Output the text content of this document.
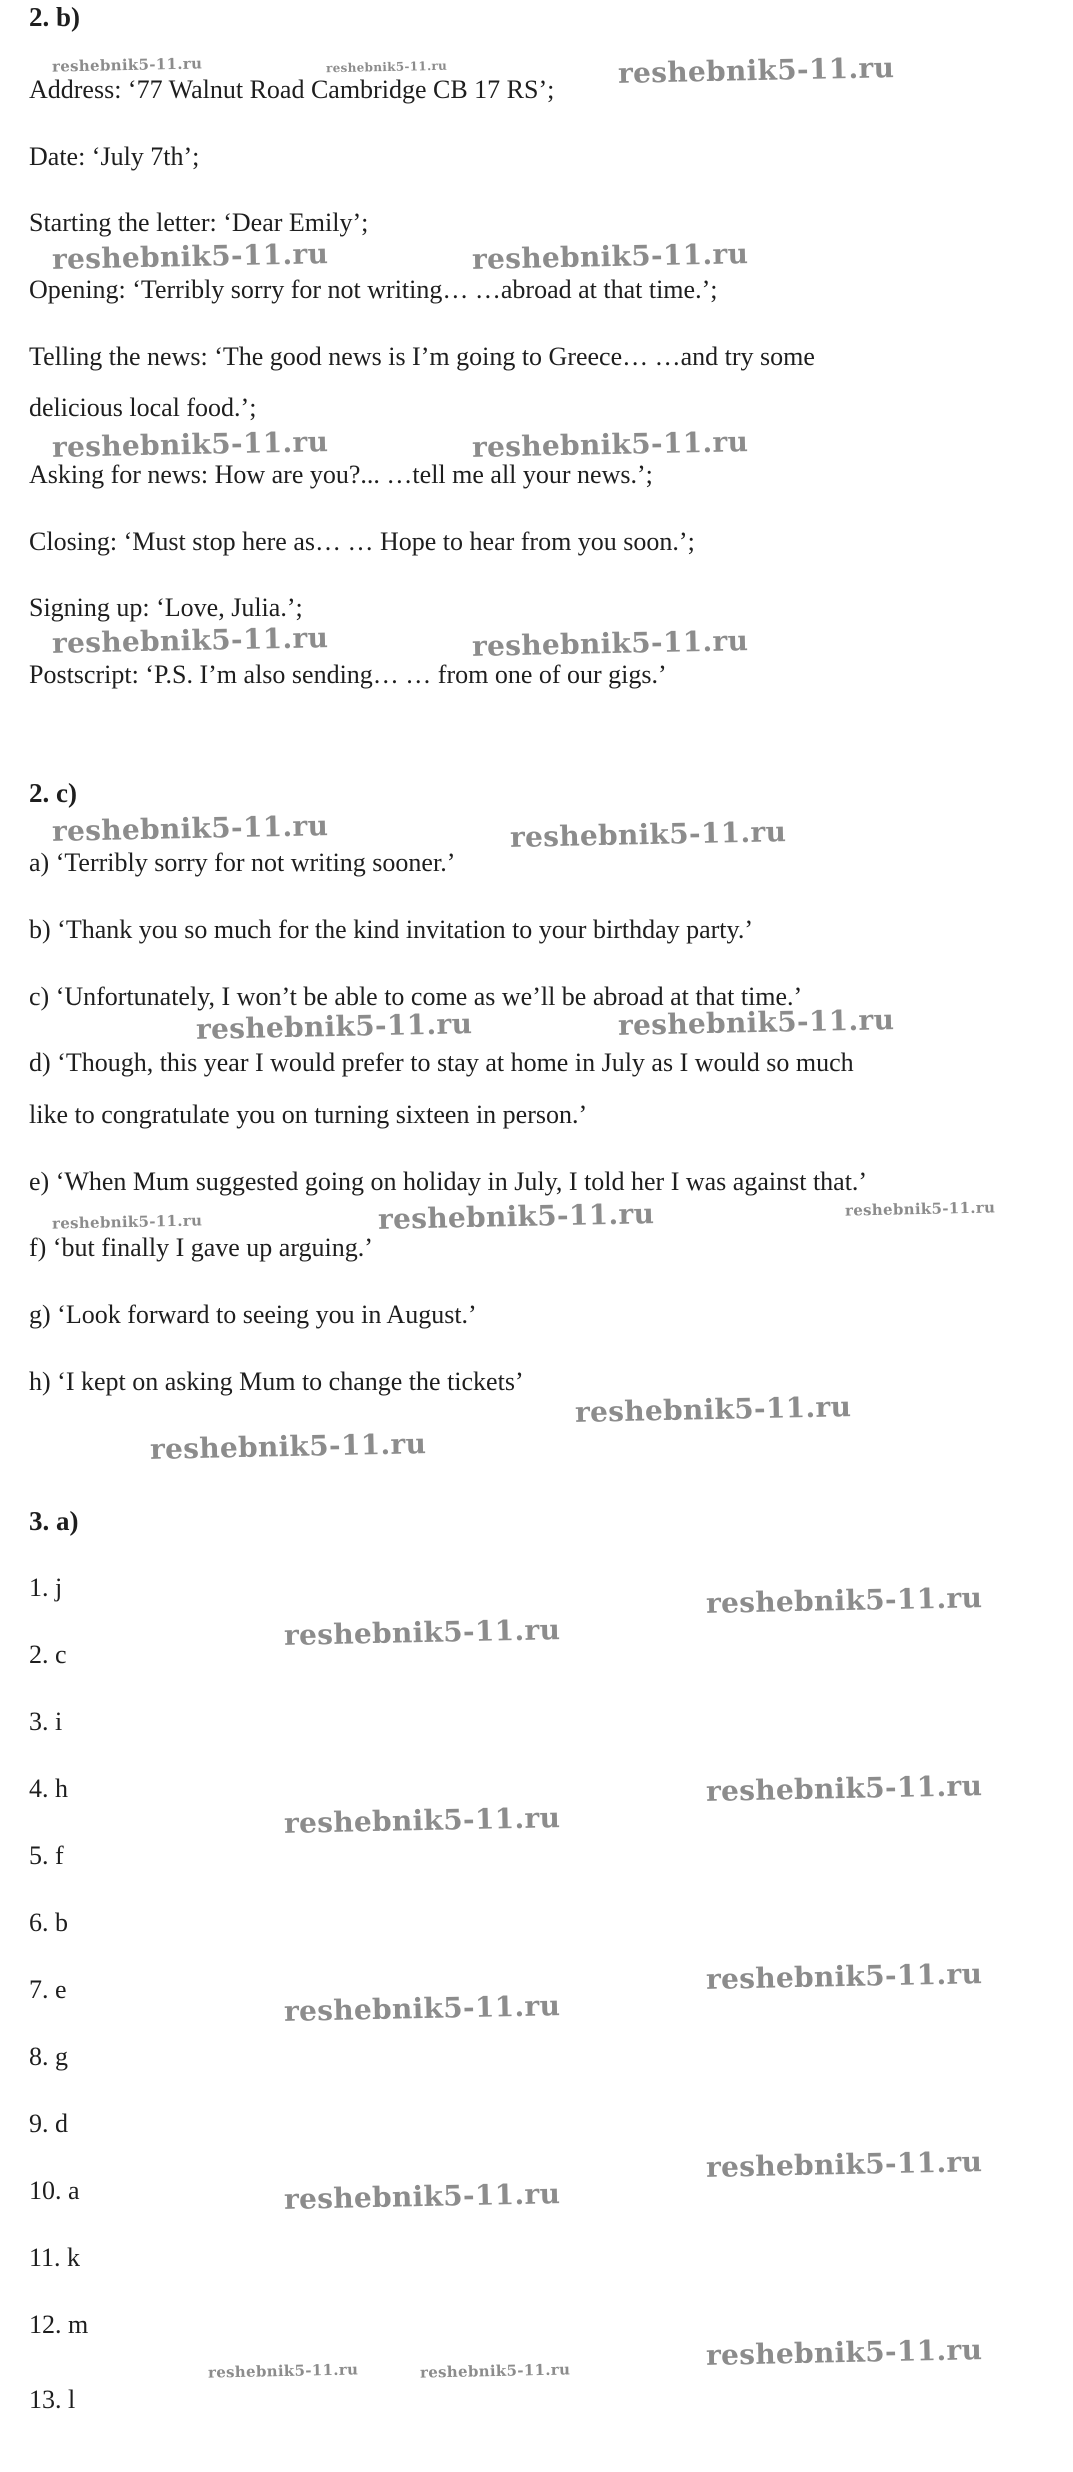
2. b)

Address: ‘77 Walnut Road Cambridge CB 17 RS’;

Date: ‘July 7th’;

Starting the letter: ‘Dear Emily’;

Opening: ‘Terribly sorry for not writing… …abroad at that time.’;

Telling the news: ‘The good news is I’m going to Greece… …and try some

delicious local food.’;

Asking for news: How are you?... …tell me all your news.’;

Closing: ‘Must stop here as… … Hope to hear from you soon.’;

Signing up: ‘Love, Julia.’;

Postscript: ‘P.S. I’m also sending… … from one of our gigs.’

2. c)

a) ‘Terribly sorry for not writing sooner.’

b) ‘Thank you so much for the kind invitation to your birthday party.’

c) ‘Unfortunately, I won’t be able to come as we’ll be abroad at that time.’

d) ‘Though, this year I would prefer to stay at home in July as I would so much

like to congratulate you on turning sixteen in person.’

e) ‘When Mum suggested going on holiday in July, I told her I was against that.’

f) ‘but finally I gave up arguing.’

g) ‘Look forward to seeing you in August.’

h) ‘I kept on asking Mum to change the tickets’

3. a)

1. j

2. c

3. i

4. h

5. f

6. b

7. e

8. g

9. d

10. a

11. k

12. m

13. l

reshebnik5-11.ru	reshebnik5-11.ru	reshebnik5-11.ru
reshebnik5-11.ru	reshebnik5-11.ru
reshebnik5-11.ru	reshebnik5-11.ru
reshebnik5-11.ru	reshebnik5-11.ru
reshebnik5-11.ru	reshebnik5-11.ru
reshebnik5-11.ru	reshebnik5-11.ru
reshebnik5-11.ru	reshebnik5-11.ru	reshebnik5-11.ru
reshebnik5-11.ru
reshebnik5-11.ru
reshebnik5-11.ru
reshebnik5-11.ru
reshebnik5-11.ru
reshebnik5-11.ru
reshebnik5-11.ru
reshebnik5-11.ru
reshebnik5-11.ru
reshebnik5-11.ru
reshebnik5-11.ru
reshebnik5-11.ru	reshebnik5-11.ru
